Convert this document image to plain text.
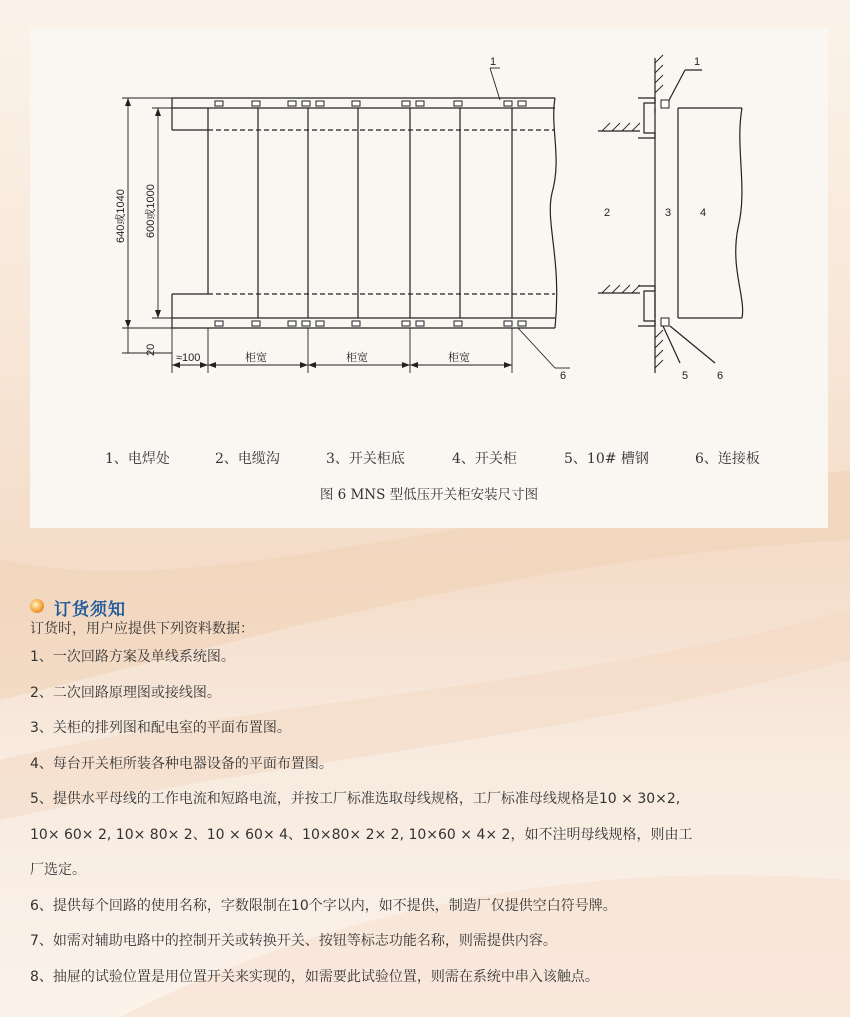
1	1
2	3	4
5	6
6
640或1040 600或1000
20
≈100	柜宽	柜宽	柜宽
1、电焊处	2、电缆沟	3、开关柜底	4、开关柜	5、10# 槽钢	6、连接板
图 6 MNS 型低压开关柜安装尺寸图
订货须知
订货时，用户应提供下列资料数据：
1、一次回路方案及单线系统图。
2、二次回路原理图或接线图。
3、关柜的排列图和配电室的平面布置图。
4、每台开关柜所装各种电器设备的平面布置图。
5、提供水平母线的工作电流和短路电流，并按工厂标准选取母线规格，工厂标准母线规格是10 × 30×2,
10× 60× 2, 10× 80× 2、10 × 60× 4、10×80× 2× 2, 10×60 × 4× 2，如不注明母线规格，则由工
厂选定。
6、提供每个回路的使用名称，字数限制在10个字以内，如不提供，制造厂仅提供空白符号牌。
7、如需对辅助电路中的控制开关或转换开关、按钮等标志功能名称，则需提供内容。
8、抽屉的试验位置是用位置开关来实现的，如需要此试验位置，则需在系统中串入该触点。
